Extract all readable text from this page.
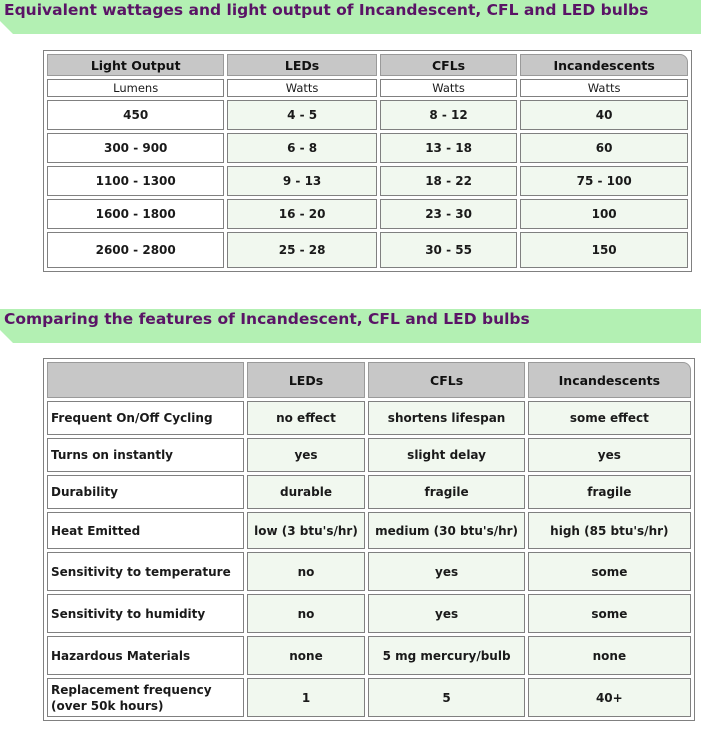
Equivalent wattages and light output of Incandescent, CFL and LED bulbs
Light Output	LEDs	CFLs	Incandescents
Lumens	Watts	Watts	Watts
450	4 - 5	8 - 12	40
300 - 900	6 - 8	13 - 18	60
1100 - 1300	9 - 13	18 - 22	75 - 100
1600 - 1800	16 - 20	23 - 30	100
2600 - 2800	25 - 28	30 - 55	150
Comparing the features of Incandescent, CFL and LED bulbs
	LEDs	CFLs	Incandescents
Frequent On/Off Cycling	no effect	shortens lifespan	some effect
Turns on instantly	yes	slight delay	yes
Durability	durable	fragile	fragile
Heat Emitted	low (3 btu's/hr)	medium (30 btu's/hr)	high (85 btu's/hr)
Sensitivity to temperature	no	yes	some
Sensitivity to humidity	no	yes	some
Hazardous Materials	none	5 mg mercury/bulb	none
Replacement frequency
(over 50k hours)	1	5	40+
